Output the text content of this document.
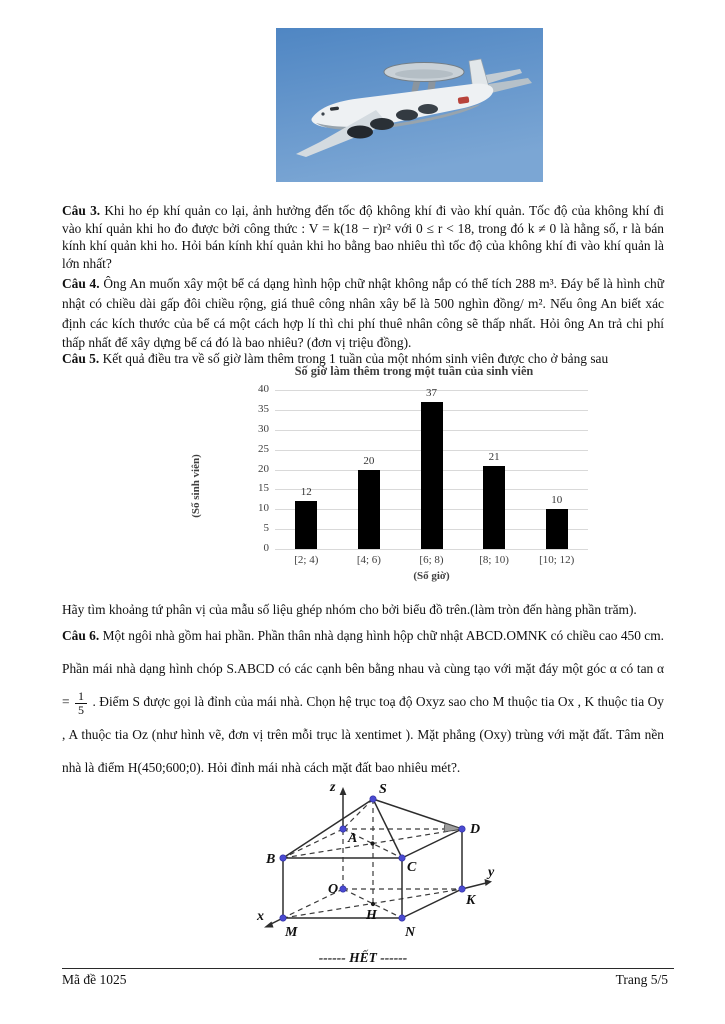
Câu 3. Khi ho ép khí quản co lại, ảnh hưởng đến tốc độ không khí đi vào khí quản. Tốc độ của không khí đi vào khí quản khi ho đo được bởi công thức : V = k(18 − r)r² với 0 ≤ r < 18, trong đó k ≠ 0 là hằng số, r là bán kính khí quản khi ho. Hỏi bán kính khí quản khi ho bằng bao nhiêu thì tốc độ của không khí đi vào khí quản là lớn nhất?

Câu 4. Ông An muốn xây một bể cá dạng hình hộp chữ nhật không nắp có thể tích 288 m³. Đáy bể là hình chữ nhật có chiều dài gấp đôi chiều rộng, giá thuê công nhân xây bể là 500 nghìn đồng/ m². Nếu ông An biết xác định các kích thước của bể cá một cách hợp lí thì chi phí thuê nhân công sẽ thấp nhất. Hỏi ông An trả chi phí thấp nhất để xây dựng bể cá đó là bao nhiêu? (đơn vị triệu đồng).

Câu 5. Kết quả điều tra về số giờ làm thêm trong 1 tuần của một nhóm sinh viên được cho ở bảng sau

Số giờ làm thêm trong một tuần của sinh viên
(Số sinh viên)	12
20
37
21
10
0
5
10
15
20
25
30
35
40
[2; 4)	[4; 6)	[6; 8)	[8; 10)	[10; 12)
(Số giờ)

Hãy tìm khoảng tứ phân vị của mẫu số liệu ghép nhóm cho bởi biểu đồ trên.(làm tròn đến hàng phần trăm).

Câu 6. Một ngôi nhà gồm hai phần. Phần thân nhà dạng hình hộp chữ nhật ABCD.OMNK có chiều cao 450 cm. Phần mái nhà dạng hình chóp S.ABCD có các cạnh bên bằng nhau và cùng tạo với mặt đáy một góc α có $\tan \alpha = \frac{1}{5}$ . Điểm S được gọi là đỉnh của mái nhà. Chọn hệ trục toạ độ Oxyz sao cho M thuộc tia Ox , K thuộc tia Oy , A thuộc tia Oz (như hình vẽ, đơn vị trên mỗi trục là xentimet ). Mặt phẳng (Oxy) trùng với mặt đất. Tâm nền nhà là điểm H(450;600;0). Hỏi đỉnh mái nhà cách mặt đất bao nhiêu mét?.

z	S
A
D
B
C
O
y
K
x
M
H
N
------ HẾT ------
Mã đề 1025	Trang 5/5
